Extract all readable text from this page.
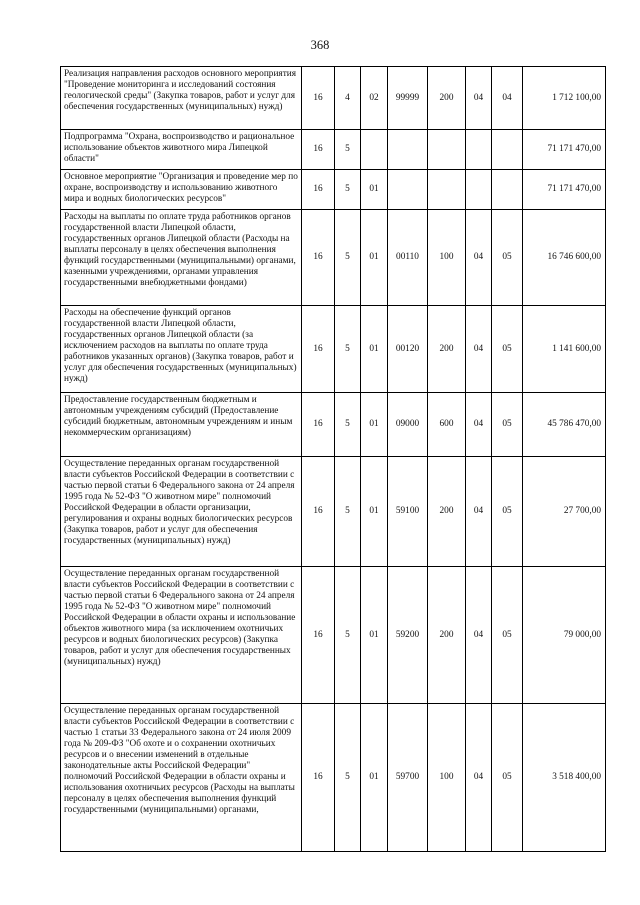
368
Реализация направления расходов основного мероприятия "Проведение мониторинга и исследований состояния геологической среды" (Закупка товаров, работ и услуг для обеспечения государственных (муниципальных) нужд)	16	4	02	99999	200	04	04	1 712 100,00
Подпрограмма "Охрана, воспроизводство и рациональное использование объектов животного мира Липецкой области"	16	5						71 171 470,00
Основное мероприятие "Организация и проведение мер по охране, воспроизводству и использованию животного мира и водных биологических ресурсов"	16	5	01					71 171 470,00
Расходы на выплаты по оплате труда работников органов государственной власти Липецкой области, государственных органов Липецкой области (Расходы на выплаты персоналу в целях обеспечения выполнения функций государственными (муниципальными) органами, казенными учреждениями, органами управления государственными внебюджетными фондами)	16	5	01	00110	100	04	05	16 746 600,00
Расходы на обеспечение функций органов государственной власти Липецкой области, государственных органов Липецкой области (за исключением расходов на выплаты по оплате труда работников указанных органов) (Закупка товаров, работ и услуг для обеспечения государственных (муниципальных) нужд)	16	5	01	00120	200	04	05	1 141 600,00
Предоставление государственным бюджетным и автономным учреждениям субсидий (Предоставление субсидий бюджетным, автономным учреждениям и иным некоммерческим организациям)	16	5	01	09000	600	04	05	45 786 470,00
Осуществление переданных органам государственной власти субъектов Российской Федерации в соответствии с частью первой статьи 6 Федерального закона от 24 апреля 1995 года № 52-ФЗ "О животном мире" полномочий Российской Федерации в области организации, регулирования и охраны водных биологических ресурсов (Закупка товаров, работ и услуг для обеспечения государственных (муниципальных) нужд)	16	5	01	59100	200	04	05	27 700,00
Осуществление переданных органам государственной власти субъектов Российской Федерации в соответствии с частью первой статьи 6 Федерального закона от 24 апреля 1995 года № 52-ФЗ "О животном мире" полномочий Российской Федерации в области охраны и использование объектов животного мира (за исключением охотничьих ресурсов и водных биологических ресурсов) (Закупка товаров, работ и услуг для обеспечения государственных (муниципальных) нужд)	16	5	01	59200	200	04	05	79 000,00
Осуществление переданных органам государственной власти субъектов Российской Федерации в соответствии с частью 1 статьи 33 Федерального закона от 24 июля 2009 года № 209-ФЗ "Об охоте и о сохранении охотничьих ресурсов и о внесении изменений в отдельные законодательные акты Российской Федерации" полномочий Российской Федерации в области охраны и использования охотничьих ресурсов (Расходы на выплаты персоналу в целях обеспечения выполнения функций государственными (муниципальными) органами,	16	5	01	59700	100	04	05	3 518 400,00
